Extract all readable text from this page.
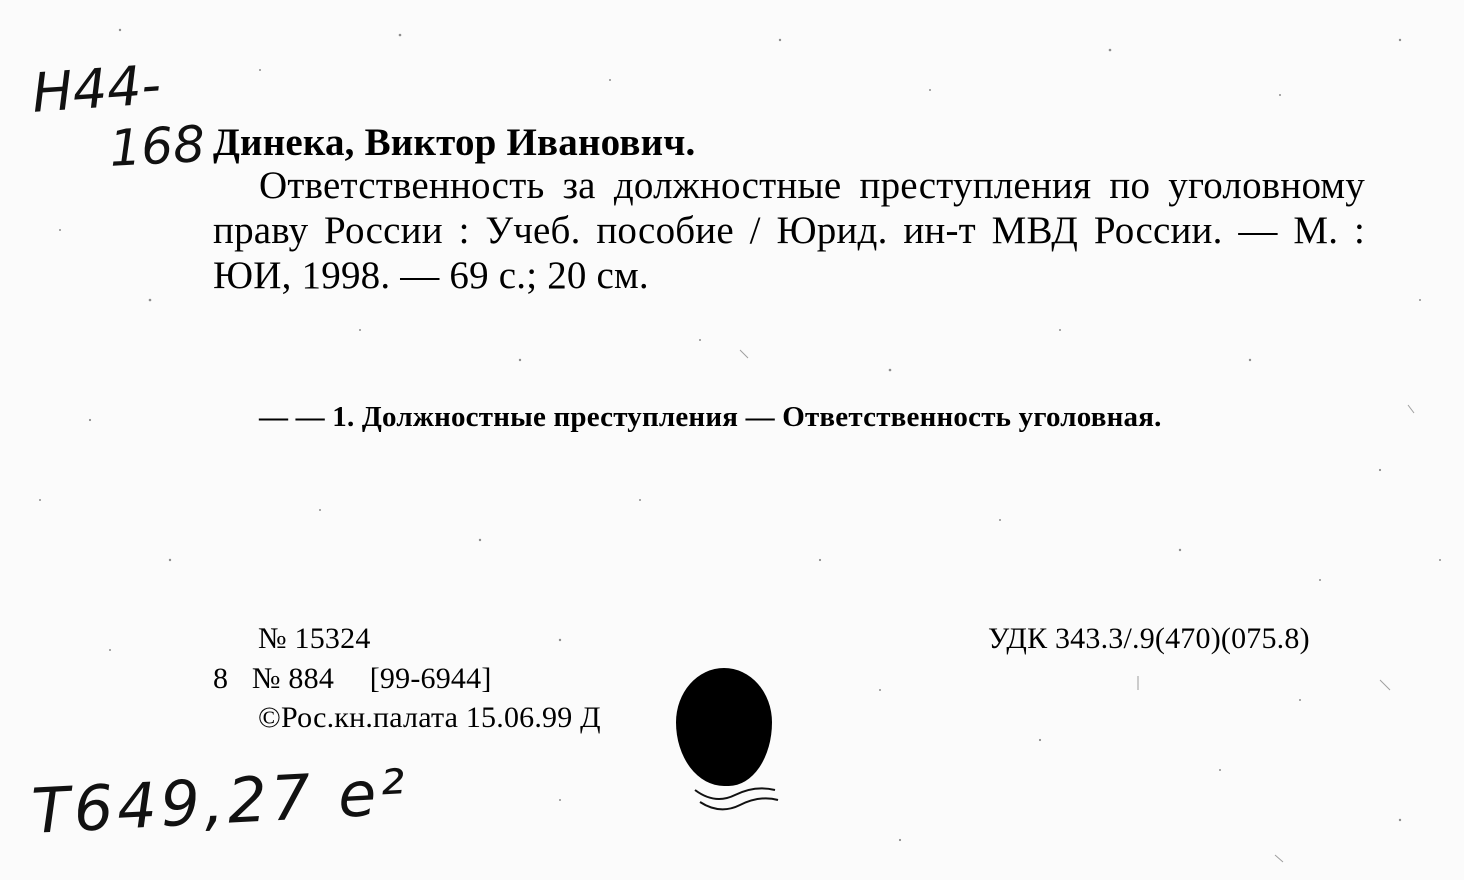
Н44-
168 Динека, Виктор Иванович.
Ответственность за должностные преступления по уголовному праву России : Учеб. пособие / Юрид. ин-т МВД России. — М. : ЮИ, 1998. — 69 с.; 20 см.
— — 1. Должностные преступления — Ответственность уголовная.
№ 15324
8 № 884 [99-6944]
©Рос.кн.палата 15.06.99 Д
УДК 343.3/.9(470)(075.8)
Т649,27 е²
